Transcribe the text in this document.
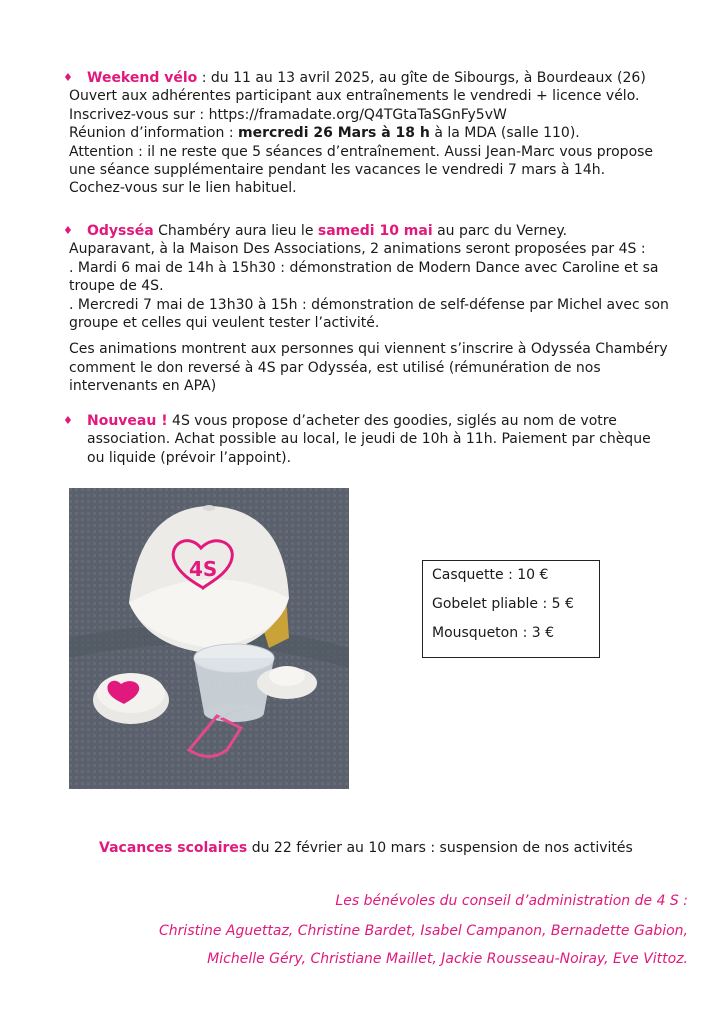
♦ Weekend vélo : du 11 au 13 avril 2025, au gîte de Sibourgs, à Bourdeaux (26)

Ouvert aux adhérentes participant aux entraînements le vendredi + licence vélo.

Inscrivez-vous sur : https://framadate.org/Q4TGtaTaSGnFy5vW

Réunion d’information : mercredi 26 Mars à 18 h à la MDA (salle 110).

Attention : il ne reste que 5 séances d’entraînement. Aussi Jean-Marc vous propose une séance supplémentaire pendant les vacances le vendredi 7 mars à 14h.

Cochez-vous sur le lien habituel.

♦ Odysséa Chambéry aura lieu le samedi 10 mai au parc du Verney.

Auparavant, à la Maison Des Associations, 2 animations seront proposées par 4S :

. Mardi 6 mai de 14h à 15h30 : démonstration de Modern Dance avec Caroline et sa troupe de 4S.

. Mercredi 7 mai de 13h30 à 15h : démonstration de self-défense par Michel avec son groupe et celles qui veulent tester l’activité.

Ces animations montrent aux personnes qui viennent s’inscrire à Odysséa Chambéry comment le don reversé à 4S par Odysséa, est utilisé (rémunération de nos intervenants en APA)

♦ Nouveau ! 4S vous propose d’acheter des goodies, siglés au nom de votre association. Achat possible au local, le jeudi de 10h à 11h. Paiement par chèque ou liquide (prévoir l’appoint).

4S	Casquette : 10 €
Gobelet pliable : 5 €
Mousqueton : 3 €
Vacances scolaires du 22 février au 10 mars : suspension de nos activités
Les bénévoles du conseil d’administration de 4 S :
Christine Aguettaz, Christine Bardet, Isabel Campanon, Bernadette Gabion,
Michelle Géry, Christiane Maillet, Jackie Rousseau-Noiray, Eve Vittoz.
